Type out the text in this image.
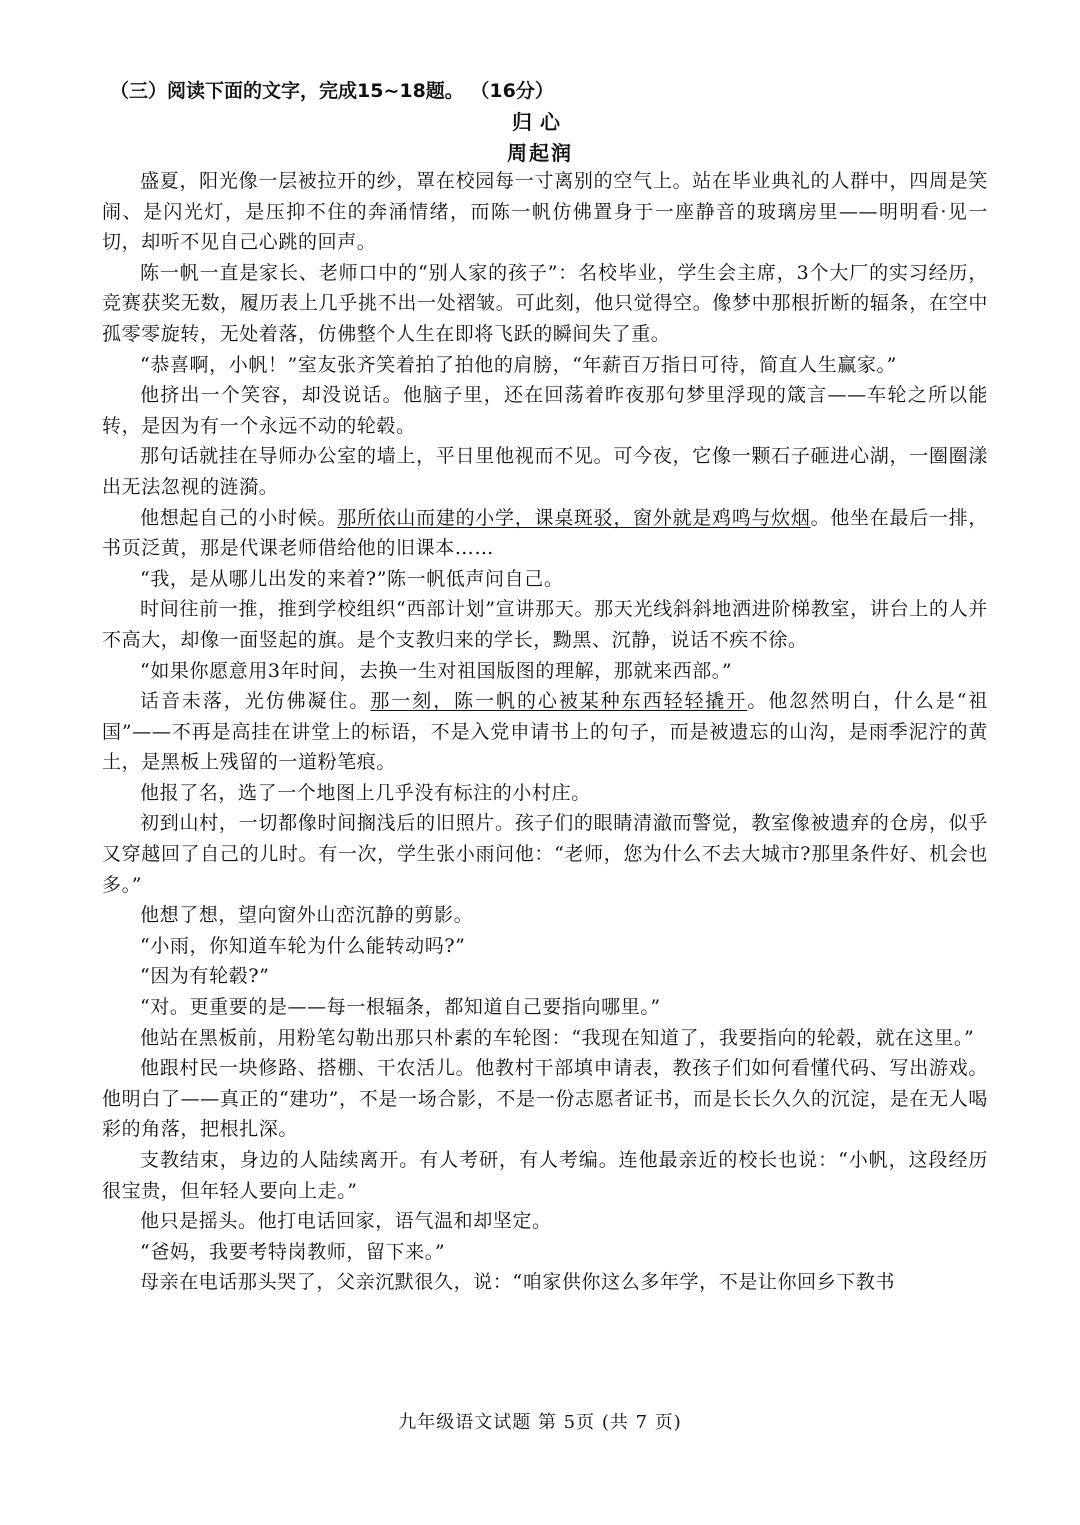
（三）阅读下面的文字，完成15~18题。 （16分）
归心
周起润

盛夏，阳光像一层被拉开的纱，罩在校园每一寸离别的空气上。站在毕业典礼的人群中，四周是笑闹、是闪光灯，是压抑不住的奔涌情绪，而陈一帆仿佛置身于一座静音的玻璃房里——明明看·见一切，却听不见自己心跳的回声。

陈一帆一直是家长、老师口中的“别人家的孩子”：名校毕业，学生会主席，3个大厂的实习经历，竞赛获奖无数，履历表上几乎挑不出一处褶皱。可此刻，他只觉得空。像梦中那根折断的辐条，在空中孤零零旋转，无处着落，仿佛整个人生在即将飞跃的瞬间失了重。

“恭喜啊，小帆！”室友张齐笑着拍了拍他的肩膀，“年薪百万指日可待，简直人生赢家。”

他挤出一个笑容，却没说话。他脑子里，还在回荡着昨夜那句梦里浮现的箴言——车轮之所以能转，是因为有一个永远不动的轮毂。

那句话就挂在导师办公室的墙上，平日里他视而不见。可今夜，它像一颗石子砸进心湖，一圈圈漾出无法忽视的涟漪。

他想起自己的小时候。那所依山而建的小学，课桌斑驳，窗外就是鸡鸣与炊烟。他坐在最后一排，书页泛黄，那是代课老师借给他的旧课本……

“我，是从哪儿出发的来着?”陈一帆低声问自己。

时间往前一推，推到学校组织“西部计划”宣讲那天。那天光线斜斜地洒进阶梯教室，讲台上的人并不高大，却像一面竖起的旗。是个支教归来的学长，黝黑、沉静，说话不疾不徐。

“如果你愿意用3年时间，去换一生对祖国版图的理解，那就来西部。”

话音未落，光仿佛凝住。那一刻，陈一帆的心被某种东西轻轻撬开。他忽然明白，什么是“祖国”——不再是高挂在讲堂上的标语，不是入党申请书上的句子，而是被遗忘的山沟，是雨季泥泞的黄土，是黑板上残留的一道粉笔痕。

他报了名，选了一个地图上几乎没有标注的小村庄。

初到山村，一切都像时间搁浅后的旧照片。孩子们的眼睛清澈而警觉，教室像被遗弃的仓房，似乎又穿越回了自己的儿时。有一次，学生张小雨问他：“老师，您为什么不去大城市?那里条件好、机会也多。”

他想了想，望向窗外山峦沉静的剪影。

“小雨，你知道车轮为什么能转动吗?”

“因为有轮毂?”

“对。更重要的是——每一根辐条，都知道自己要指向哪里。”

他站在黑板前，用粉笔勾勒出那只朴素的车轮图：“我现在知道了，我要指向的轮毂，就在这里。”

他跟村民一块修路、搭棚、干农活儿。他教村干部填申请表，教孩子们如何看懂代码、写出游戏。他明白了——真正的“建功”，不是一场合影，不是一份志愿者证书，而是长长久久的沉淀，是在无人喝彩的角落，把根扎深。

支教结束，身边的人陆续离开。有人考研，有人考编。连他最亲近的校长也说：“小帆，这段经历很宝贵，但年轻人要向上走。”

他只是摇头。他打电话回家，语气温和却坚定。

“爸妈，我要考特岗教师，留下来。”

母亲在电话那头哭了，父亲沉默很久，说：“咱家供你这么多年学，不是让你回乡下教书

九年级语文试题 第 5页 (共 7 页)
